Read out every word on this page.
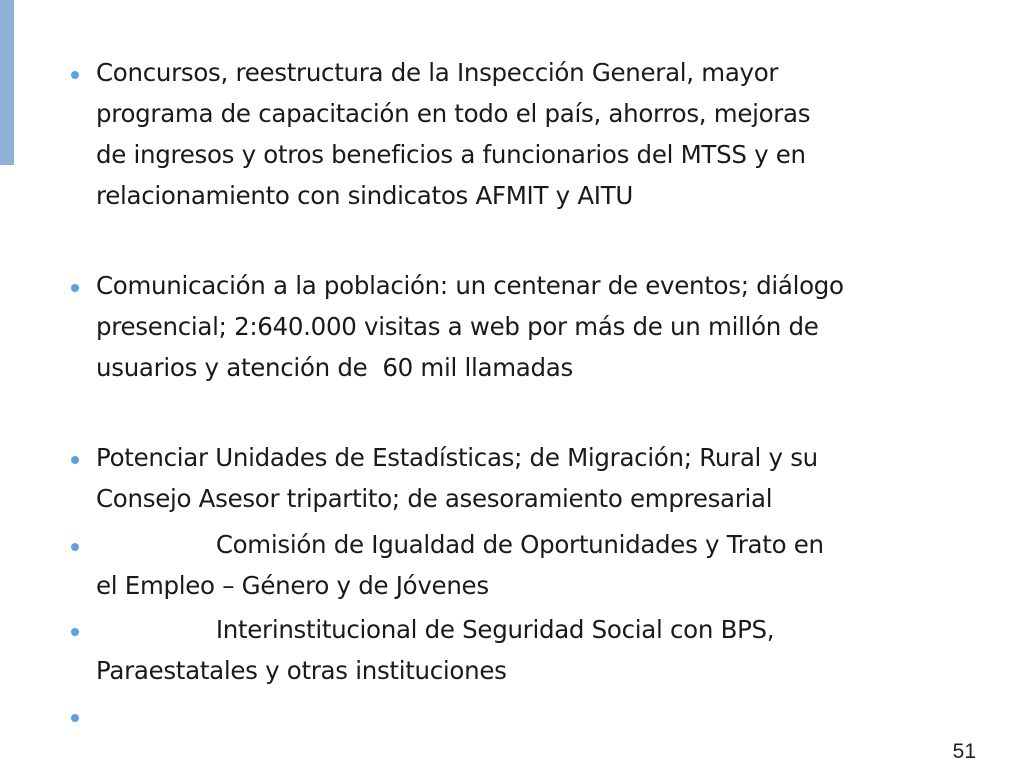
Concursos, reestructura de la Inspección General, mayor
programa de capacitación en todo el país, ahorros, mejoras
de ingresos y otros beneficios a funcionarios del MTSS y en
relacionamiento con sindicatos AFMIT y AITU
Comunicación a la población: un centenar de eventos; diálogo
presencial; 2:640.000 visitas a web por más de un millón de
usuarios y atención de  60 mil llamadas
Potenciar Unidades de Estadísticas; de Migración; Rural y su
Consejo Asesor tripartito; de asesoramiento empresarial
		Comisión de Igualdad de Oportunidades y Trato en
el Empleo – Género y de Jóvenes
		Interinstitucional de Seguridad Social con BPS,
Paraestatales y otras instituciones
51
